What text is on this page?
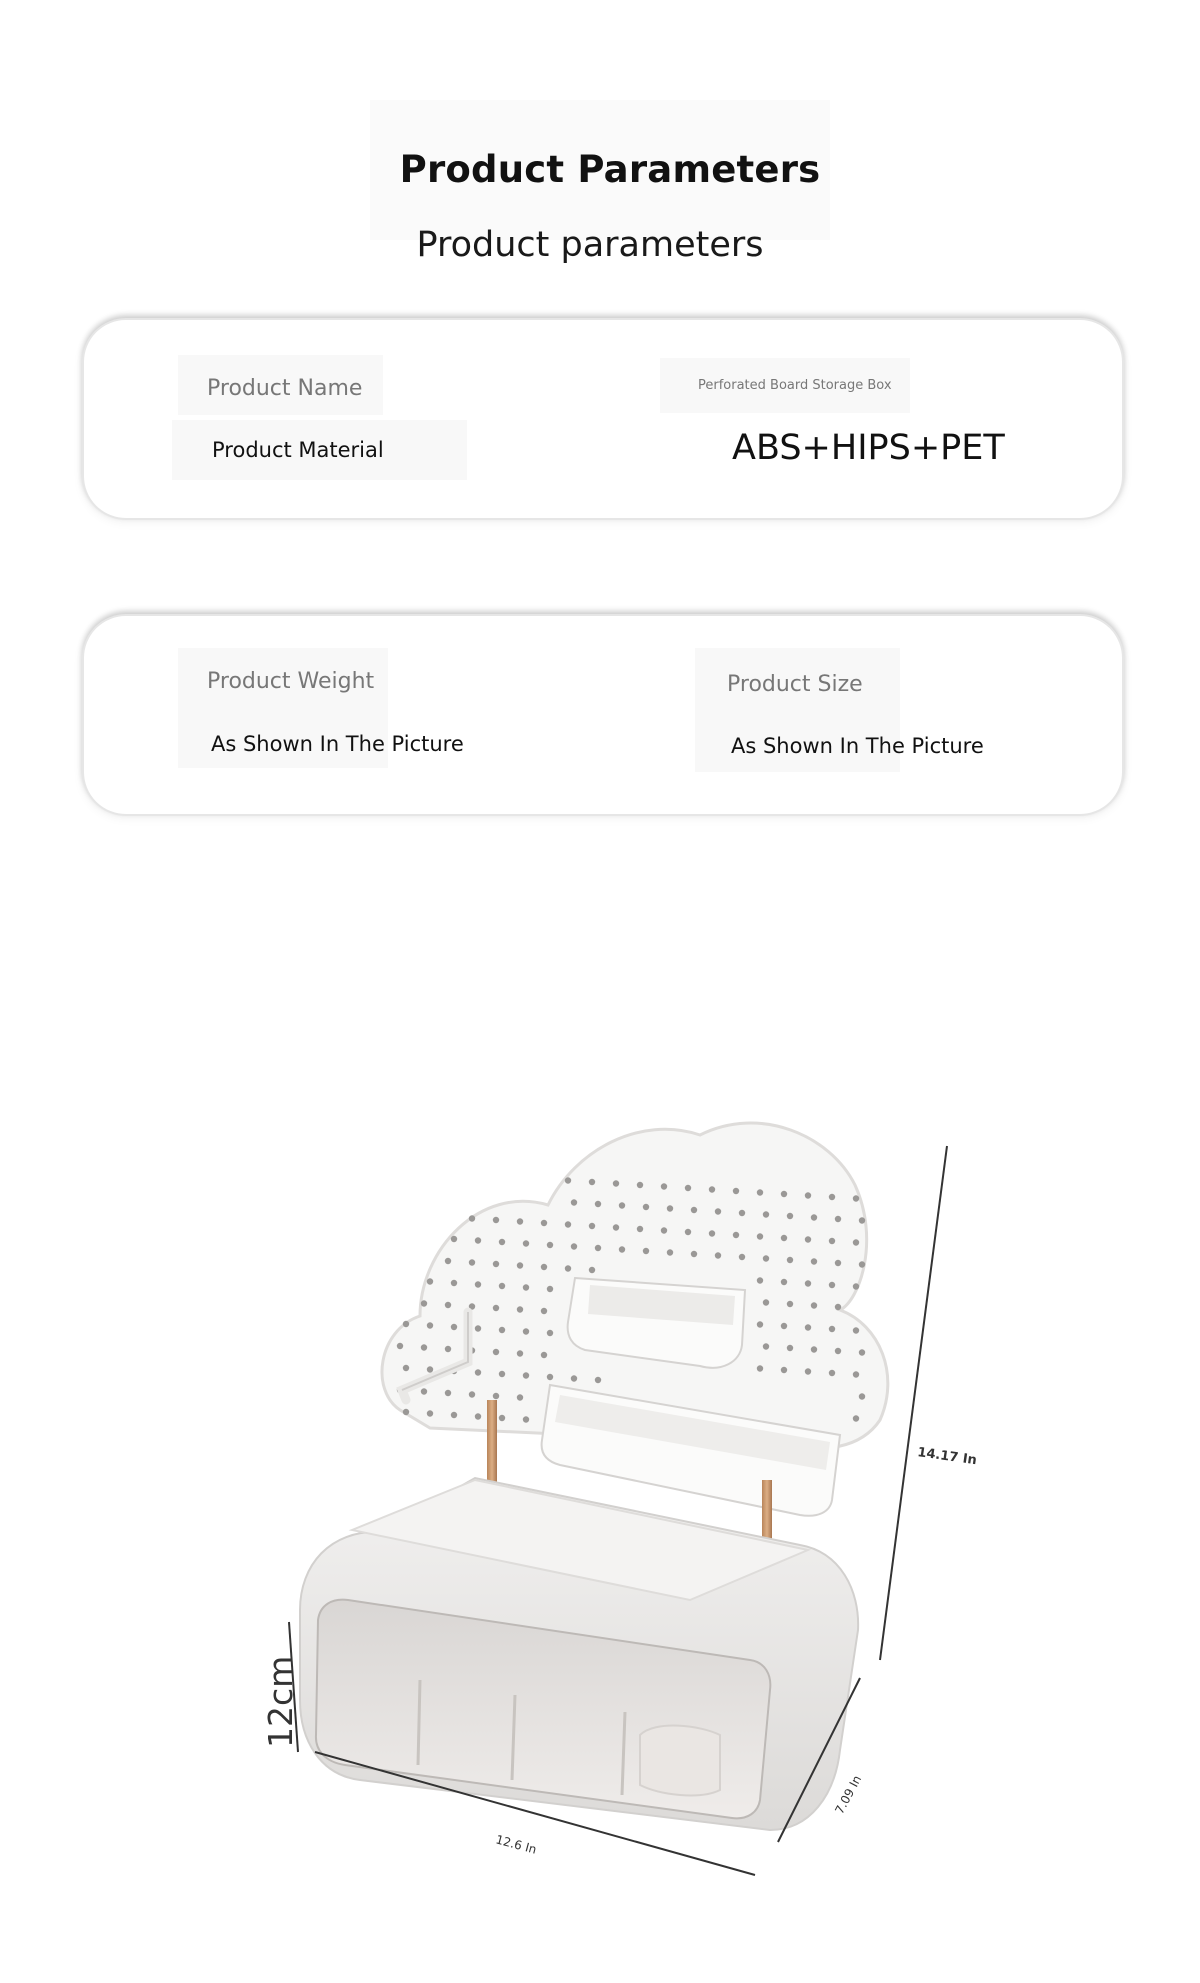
Product Parameters
Product parameters
Product Name
Product Material
Perforated Board Storage Box
ABS+HIPS+PET
Product Weight
As Shown In The Picture
Product Size
As Shown In The Picture
14.17 In
12cm
12.6 In
7.09 In
